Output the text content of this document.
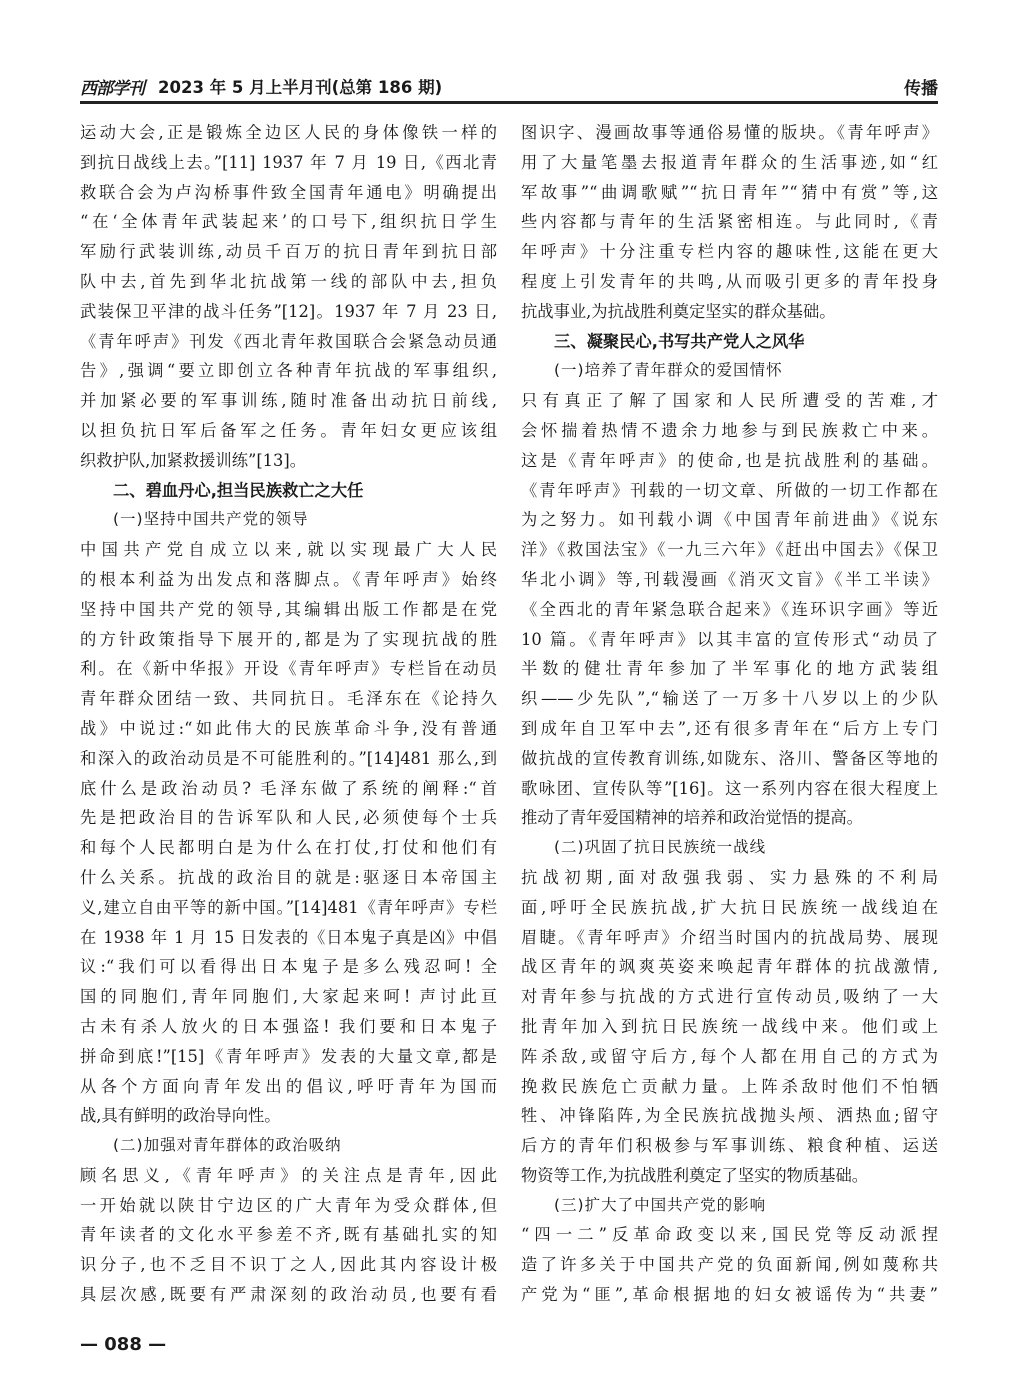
西部学刊 2023 年 5 月上半月刊(总第 186 期)	传播
运动大会,正是锻炼全边区人民的身体像铁一样的
到抗日战线上去。”[11] 1937 年 7 月 19 日,《西北青
救联合会为卢沟桥事件致全国青年通电》明确提出
“在‘全体青年武装起来’的口号下,组织抗日学生
军励行武装训练,动员千百万的抗日青年到抗日部
队中去,首先到华北抗战第一线的部队中去,担负
武装保卫平津的战斗任务”[12]。1937 年 7 月 23 日,
《青年呼声》刊发《西北青年救国联合会紧急动员通
告》,强调“要立即创立各种青年抗战的军事组织,
并加紧必要的军事训练,随时准备出动抗日前线,
以担负抗日军后备军之任务。青年妇女更应该组
织救护队,加紧救援训练”[13]。
二、碧血丹心,担当民族救亡之大任
(一)坚持中国共产党的领导
中国共产党自成立以来,就以实现最广大人民
的根本利益为出发点和落脚点。《青年呼声》始终
坚持中国共产党的领导,其编辑出版工作都是在党
的方针政策指导下展开的,都是为了实现抗战的胜
利。在《新中华报》开设《青年呼声》专栏旨在动员
青年群众团结一致、共同抗日。毛泽东在《论持久
战》中说过:“如此伟大的民族革命斗争,没有普通
和深入的政治动员是不可能胜利的。”[14]481 那么,到
底什么是政治动员? 毛泽东做了系统的阐释:“首
先是把政治目的告诉军队和人民,必须使每个士兵
和每个人民都明白是为什么在打仗,打仗和他们有
什么关系。抗战的政治目的就是:驱逐日本帝国主
义,建立自由平等的新中国。”[14]481《青年呼声》专栏
在 1938 年 1 月 15 日发表的《日本鬼子真是凶》中倡
议:“我们可以看得出日本鬼子是多么残忍呵! 全
国的同胞们,青年同胞们,大家起来呵! 声讨此亘
古未有杀人放火的日本强盗! 我们要和日本鬼子
拼命到底!”[15]《青年呼声》发表的大量文章,都是
从各个方面向青年发出的倡议,呼吁青年为国而
战,具有鲜明的政治导向性。
(二)加强对青年群体的政治吸纳
顾名思义,《青年呼声》的关注点是青年,因此
一开始就以陕甘宁边区的广大青年为受众群体,但
青年读者的文化水平参差不齐,既有基础扎实的知
识分子,也不乏目不识丁之人,因此其内容设计极
具层次感,既要有严肃深刻的政治动员,也要有看
图识字、漫画故事等通俗易懂的版块。《青年呼声》
用了大量笔墨去报道青年群众的生活事迹,如“红
军故事”“曲调歌赋”“抗日青年”“猜中有赏”等,这
些内容都与青年的生活紧密相连。与此同时,《青
年呼声》十分注重专栏内容的趣味性,这能在更大
程度上引发青年的共鸣,从而吸引更多的青年投身
抗战事业,为抗战胜利奠定坚实的群众基础。
三、凝聚民心,书写共产党人之风华
(一)培养了青年群众的爱国情怀
只有真正了解了国家和人民所遭受的苦难,才
会怀揣着热情不遗余力地参与到民族救亡中来。
这是《青年呼声》的使命,也是抗战胜利的基础。
《青年呼声》刊载的一切文章、所做的一切工作都在
为之努力。如刊载小调《中国青年前进曲》《说东
洋》《救国法宝》《一九三六年》《赶出中国去》《保卫
华北小调》等,刊载漫画《消灭文盲》《半工半读》
《全西北的青年紧急联合起来》《连环识字画》等近
10 篇。《青年呼声》以其丰富的宣传形式“动员了
半数的健壮青年参加了半军事化的地方武装组
织——少先队”,“输送了一万多十八岁以上的少队
到成年自卫军中去”,还有很多青年在“后方上专门
做抗战的宣传教育训练,如陇东、洛川、警备区等地的
歌咏团、宣传队等”[16]。这一系列内容在很大程度上
推动了青年爱国精神的培养和政治觉悟的提高。
(二)巩固了抗日民族统一战线
抗战初期,面对敌强我弱、实力悬殊的不利局
面,呼吁全民族抗战,扩大抗日民族统一战线迫在
眉睫。《青年呼声》介绍当时国内的抗战局势、展现
战区青年的飒爽英姿来唤起青年群体的抗战激情,
对青年参与抗战的方式进行宣传动员,吸纳了一大
批青年加入到抗日民族统一战线中来。他们或上
阵杀敌,或留守后方,每个人都在用自己的方式为
挽救民族危亡贡献力量。上阵杀敌时他们不怕牺
牲、冲锋陷阵,为全民族抗战抛头颅、洒热血;留守
后方的青年们积极参与军事训练、粮食种植、运送
物资等工作,为抗战胜利奠定了坚实的物质基础。
(三)扩大了中国共产党的影响
“四一二”反革命政变以来,国民党等反动派捏
造了许多关于中国共产党的负面新闻,例如蔑称共
产党为“匪”,革命根据地的妇女被谣传为“共妻”
— 088 —
